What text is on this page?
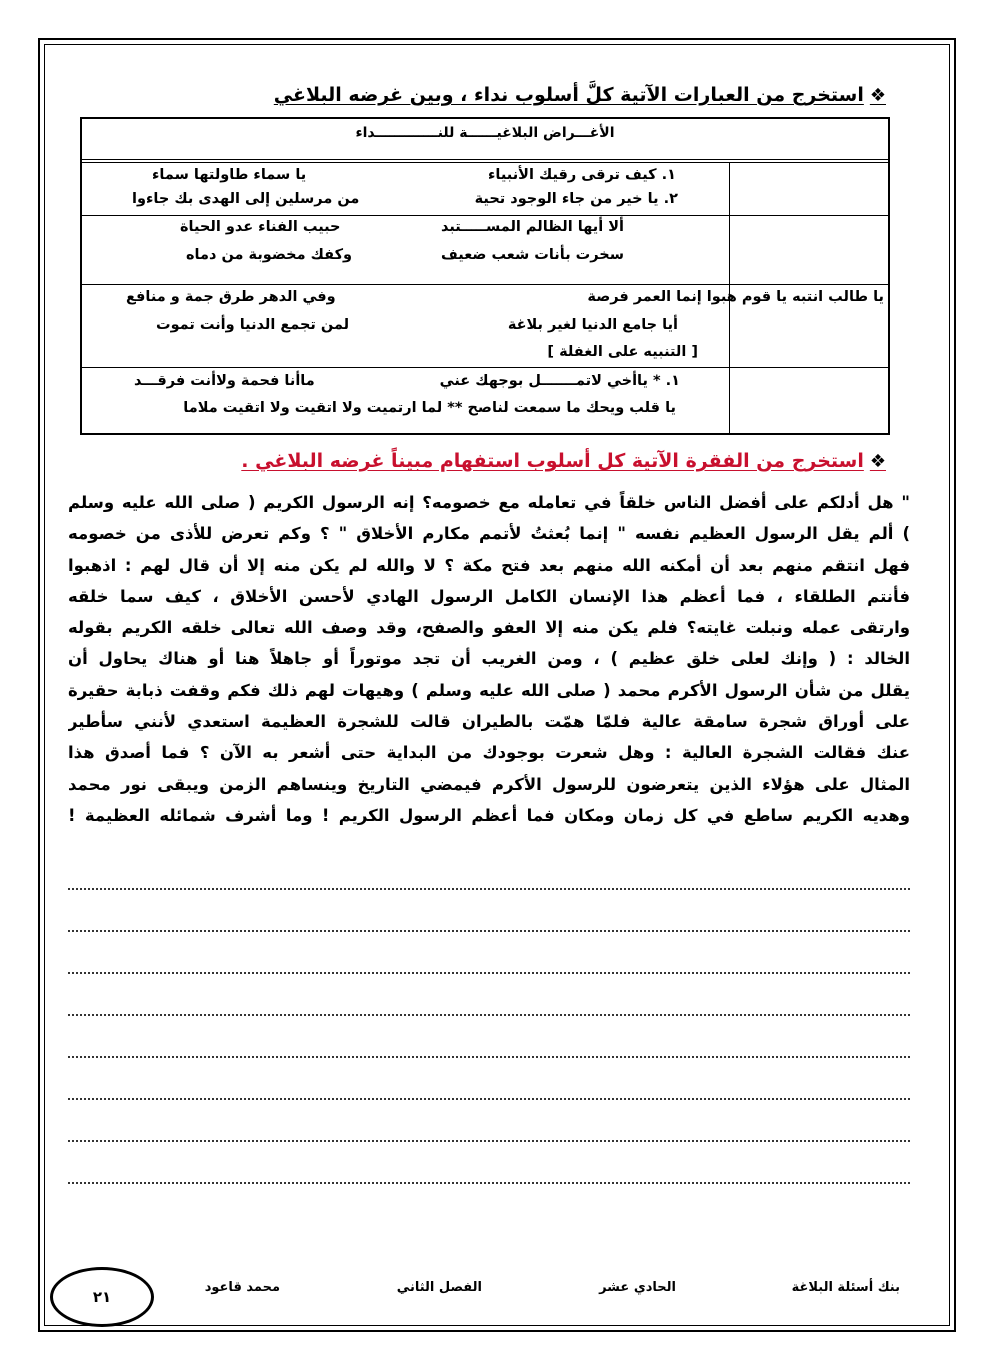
❖استخرج من العبارات الآتية كلَّ أسلوب نداء ، وبين غرضه البلاغي
الأغـــراض البلاغيــــــة للنـــــــــــــداء
١. كيف ترقى رقيك الأنبياء
يا سماء طاولتها سماء
٢. يا خير من جاء الوجود تحية
من مرسلين إلى الهدى بك جاءوا
ألا أيها الظالم المســـــتبد
حبيب الفناء عدو الحياة
سخرت بأنات شعب ضعيف
وكفك مخضوبة من دماه
يا طالب انتبه يا قوم هبوا إنما العمر فرصة
وفي الدهر طرق جمة و منافع
أيا جامع الدنيا لغير بلاغة
لمن تجمع الدنيا وأنت تموت
[ التنبيه على الغفلة ]
١. * ياأخي لاتمـــــــل بوجهك عني
ماأنا فحمة ولاأنت فرقـــد
يا قلب ويحك ما سمعت لناصح ** لما ارتميت ولا اتقيت ولا اتقيت ملاما
❖استخرج من الفقرة الآتية كل أسلوب استفهام مبيناً غرضه البلاغي .
" هل أدلكم على أفضل الناس خلقاً في تعامله مع خصومه؟ إنه الرسول الكريم ( صلى الله عليه وسلم
) ألم يقل الرسول العظيم نفسه " إنما بُعثتُ لأتمم مكارم الأخلاق " ؟ وكم تعرض للأذى من خصومه
فهل انتقم منهم بعد أن أمكنه الله منهم بعد فتح مكة ؟ لا والله لم يكن منه إلا أن قال لهم : اذهبوا
فأنتم الطلقاء ، فما أعظم هذا الإنسان الكامل الرسول الهادي لأحسن الأخلاق ، كيف سما خلقه
وارتقى عمله ونبلت غايته؟ فلم يكن منه إلا العفو والصفح، وقد وصف الله تعالى خلقه الكريم بقوله
الخالد : ( وإنك لعلى خلق عظيم ) ، ومن الغريب أن تجد موتوراً أو جاهلاً هنا أو هناك يحاول أن
يقلل من شأن الرسول الأكرم محمد ( صلى الله عليه وسلم ) وهيهات لهم ذلك فكم وقفت ذبابة حقيرة
على أوراق شجرة سامقة عالية فلمّا همّت بالطيران قالت للشجرة العظيمة استعدي لأنني سأطير
عنك فقالت الشجرة العالية : وهل شعرت بوجودك من البداية حتى أشعر به الآن ؟ فما أصدق هذا
المثال على هؤلاء الذين يتعرضون للرسول الأكرم فيمضي التاريخ وينساهم الزمن ويبقى نور محمد
وهديه الكريم ساطع في كل زمان ومكان فما أعظم الرسول الكريم ! وما أشرف شمائله العظيمة !
بنك أسئلة البلاغة
الحادي عشر
الفصل الثاني
محمد قاعود
٢١
